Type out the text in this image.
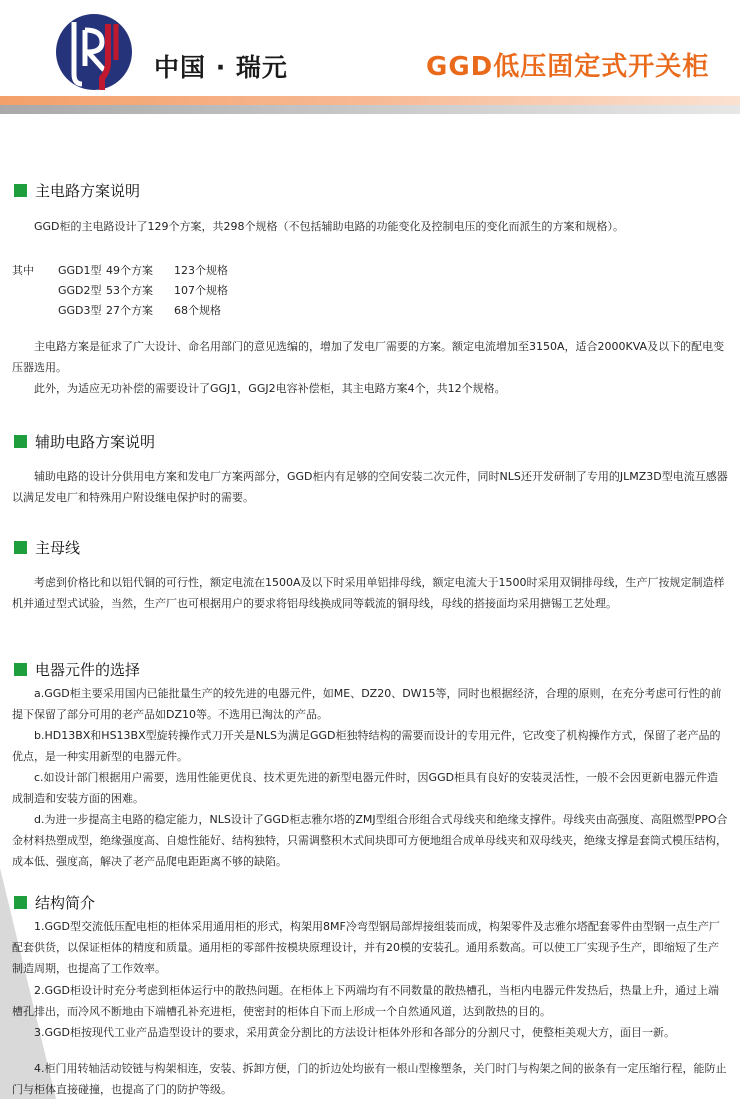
中国 · 瑞元	GGD低压固定式开关柜
主电路方案说明
GGD柜的主电路设计了129个方案，共298个规格（不包括辅助电路的功能变化及控制电压的变化而派生的方案和规格）。
其中 GGD1型 49个方案 123个规格
GGD2型 53个方案 107个规格
GGD3型 27个方案 68个规格
主电路方案是征求了广大设计、命名用部门的意见选编的，增加了发电厂需要的方案。额定电流增加至3150A，适合2000KVA及以下的配电变压器选用。
此外，为适应无功补偿的需要设计了GGJ1，GGJ2电容补偿柜，其主电路方案4个，共12个规格。
辅助电路方案说明
辅助电路的设计分供用电方案和发电厂方案两部分，GGD柜内有足够的空间安装二次元件，同时NLS还开发研制了专用的JLMZ3D型电流互感器以满足发电厂和特殊用户附设继电保护时的需要。
主母线
考虑到价格比和以铝代铜的可行性，额定电流在1500A及以下时采用单铝排母线，额定电流大于1500时采用双铜排母线，生产厂按规定制造样机并通过型式试验，当然，生产厂也可根据用户的要求将铝母线换成同等载流的铜母线，母线的搭接面均采用搪锡工艺处理。
电器元件的选择
a.GGD柜主要采用国内已能批量生产的较先进的电器元件，如ME、DZ20、DW15等，同时也根据经济，合理的原则，在充分考虑可行性的前提下保留了部分可用的老产品如DZ10等。不选用已淘汰的产品。
b.HD13BX和HS13BX型旋转操作式刀开关是NLS为满足GGD柜独特结构的需要而设计的专用元件，它改变了机构操作方式，保留了老产品的优点，是一种实用新型的电器元件。
c.如设计部门根据用户需要，选用性能更优良、技术更先进的新型电器元件时，因GGD柜具有良好的安装灵活性，一般不会因更新电器元件造成制造和安装方面的困难。
d.为进一步提高主电路的稳定能力，NLS设计了GGD柜志雅尔塔的ZMJ型组合形组合式母线夹和绝缘支撑件。母线夹由高强度、高阻燃型PPO合金材料热塑成型，绝缘强度高、自熄性能好、结构独特，只需调整积木式间块即可方便地组合成单母线夹和双母线夹，绝缘支撑是套筒式模压结构，成本低、强度高，解决了老产品爬电距距离不够的缺陷。
结构简介
1.GGD型交流低压配电柜的柜体采用通用柜的形式，构架用8MF冷弯型钢局部焊接组装而成，构架零件及志雅尔塔配套零件由型钢一点生产厂配套供货，以保证柜体的精度和质量。通用柜的零部件按模块原理设计，并有20模的安装孔。通用系数高。可以使工厂实现予生产，即缩短了生产制造周期，也提高了工作效率。
2.GGD柜设计时充分考虑到柜体运行中的散热问题。在柜体上下两端均有不同数量的散热槽孔，当柜内电器元件发热后，热量上升，通过上端槽孔排出，而冷风不断地由下端槽孔补充进柜，使密封的柜体自下而上形成一个自然通风道，达到散热的目的。
3.GGD柜按现代工业产品造型设计的要求，采用黄金分割比的方法设计柜体外形和各部分的分割尺寸，使整柜美观大方，面目一新。
4.柜门用转轴活动铰链与构架相连，安装、拆卸方便，门的折边处均嵌有一根山型橡塑条，关门时门与构架之间的嵌条有一定压缩行程，能防止门与柜体直接碰撞，也提高了门的防护等级。
